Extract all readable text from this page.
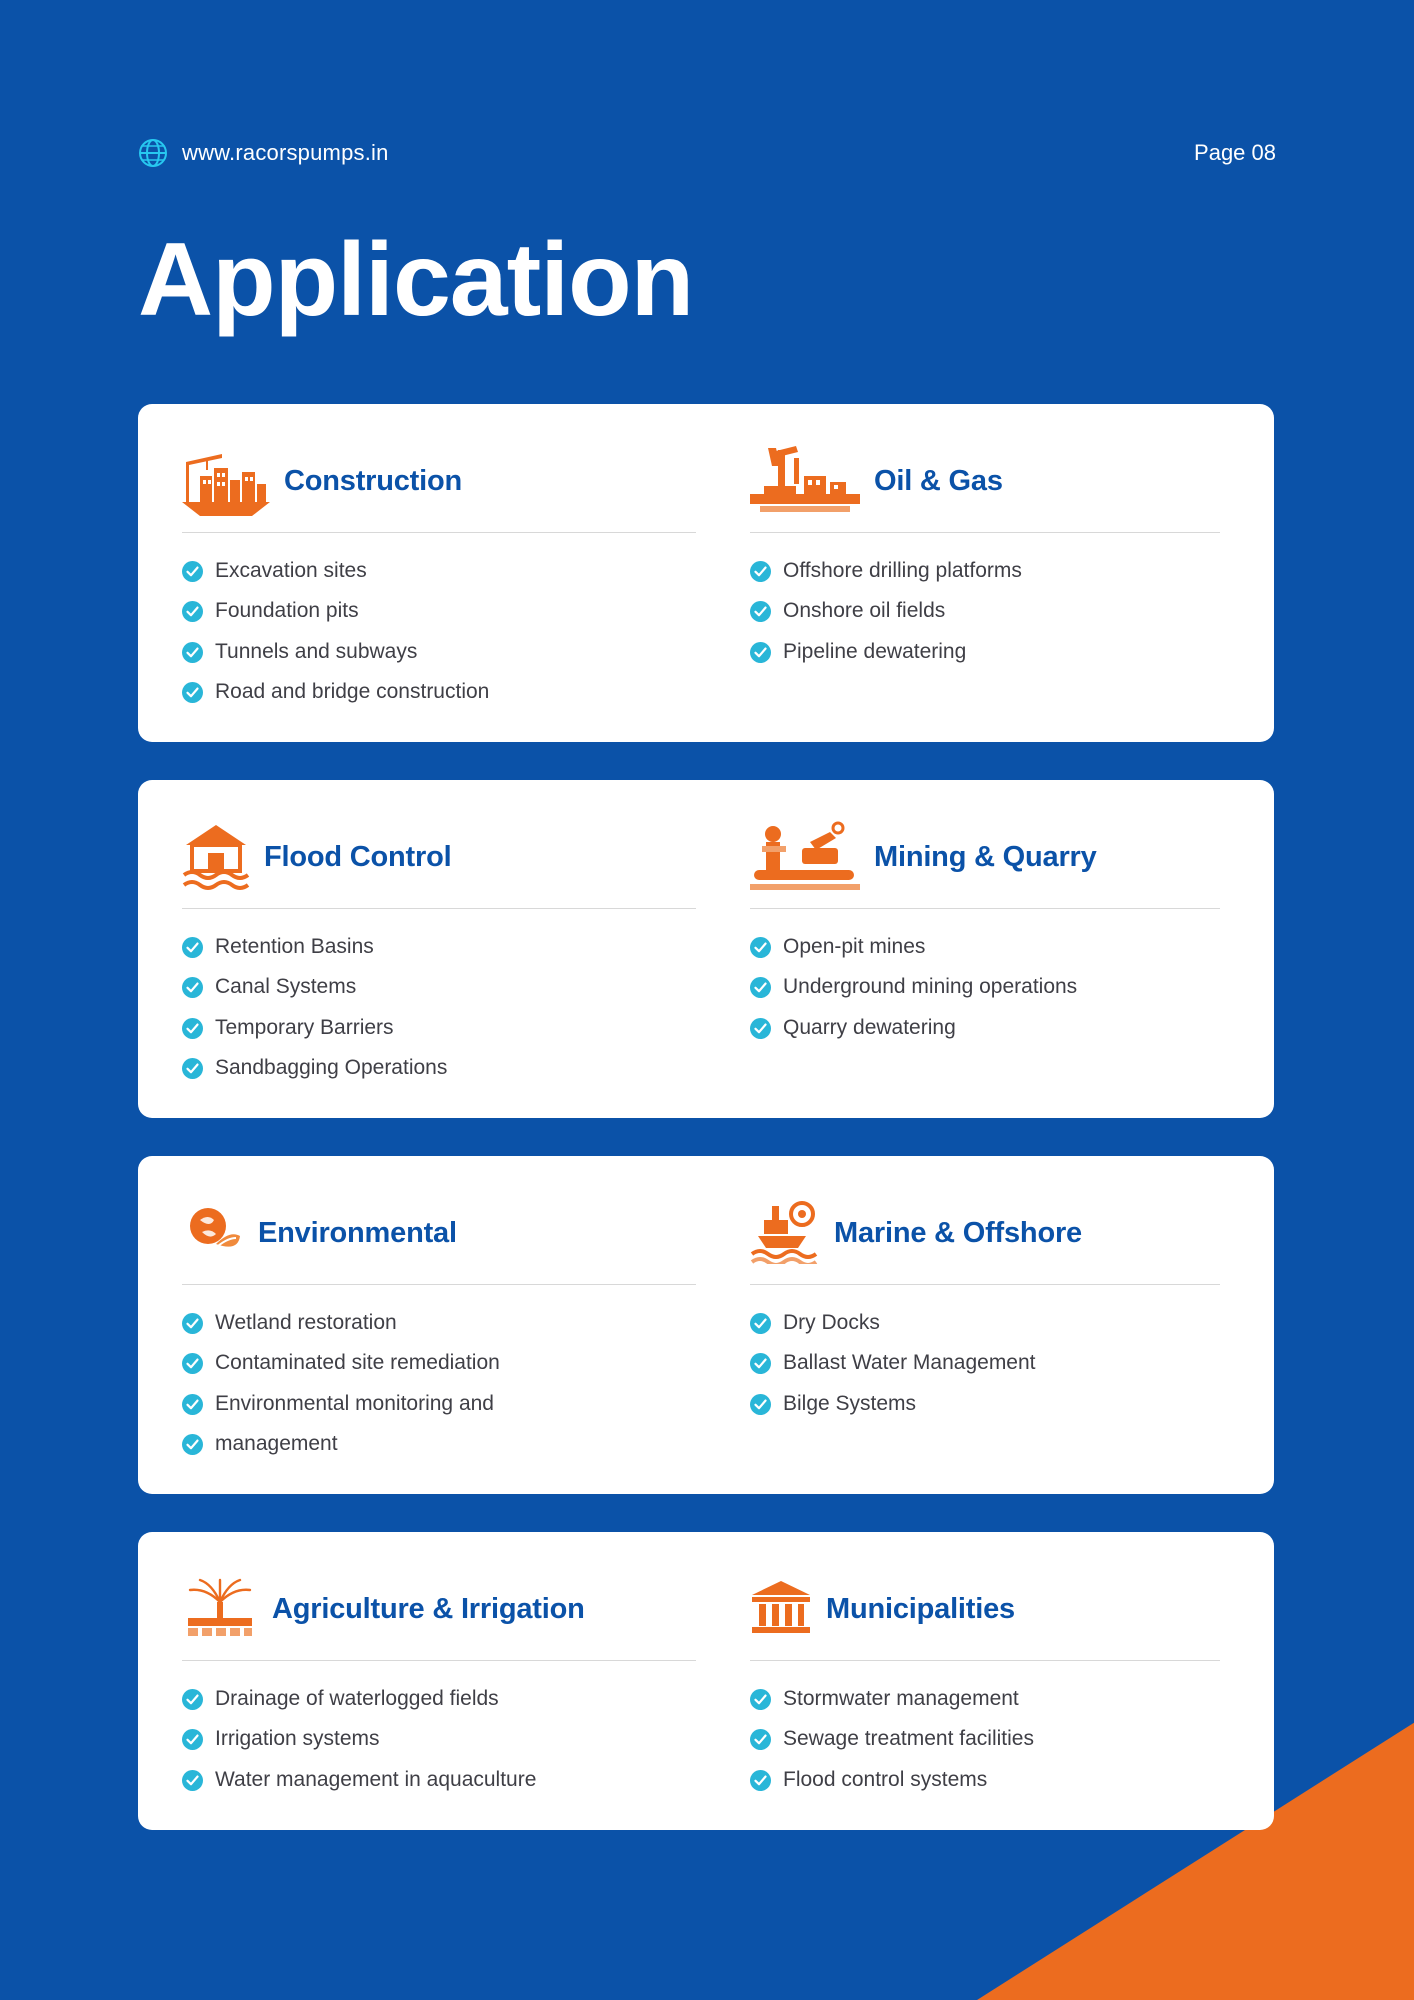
www.racorspumps.in	Page 08
Application
Construction
Excavation sites
Foundation pits
Tunnels and subways
Road and bridge construction
Oil & Gas
Offshore drilling platforms
Onshore oil fields
Pipeline dewatering
Flood Control
Retention Basins
Canal Systems
Temporary Barriers
Sandbagging Operations
Mining & Quarry
Open-pit mines
Underground mining operations
Quarry dewatering
Environmental
Wetland restoration
Contaminated site remediation
Environmental monitoring and
management
Marine & Offshore
Dry Docks
Ballast Water Management
Bilge Systems
Agriculture & Irrigation
Drainage of waterlogged fields
Irrigation systems
Water management in aquaculture
Municipalities
Stormwater management
Sewage treatment facilities
Flood control systems
